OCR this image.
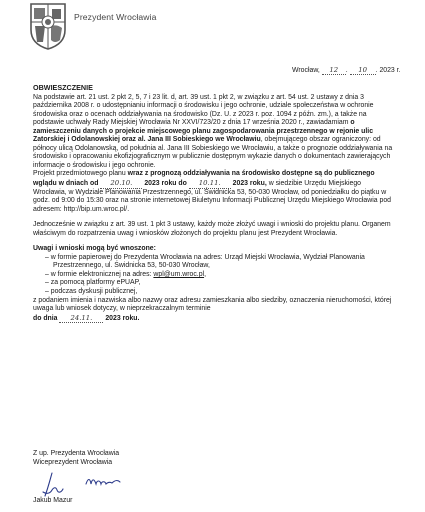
Prezydent Wrocławia
Wrocław, 12 . 10 . 2023 r.

OBWIESZCZENIE

Na podstawie art. 21 ust. 2 pkt 2, 5, 7 i 23 lit. d, art. 39 ust. 1 pkt 2, w związku z art. 54 ust. 2 ustawy z dnia 3 października 2008 r. o udostępnianiu informacji o środowisku i jego ochronie, udziale społeczeństwa w ochronie środowiska oraz o ocenach oddziaływania na środowisko (Dz. U. z 2023 r. poz. 1094 z późn. zm.), a także na podstawie uchwały Rady Miejskiej Wrocławia Nr XXVI/723/20 z dnia 17 września 2020 r., zawiadamiam o zamieszczeniu danych o projekcie miejscowego planu zagospodarowania przestrzennego w rejonie ulic Zatorskiej i Odolanowskiej oraz al. Jana III Sobieskiego we Wrocławiu, obejmującego obszar ograniczony: od północy ulicą Odolanowską, od południa al. Jana III Sobieskiego we Wrocławiu, a także o prognozie oddziaływania na środowisko i opracowaniu ekofizjograficznym w publicznie dostępnym wykazie danych o dokumentach zawierających informacje o środowisku i jego ochronie.

Projekt przedmiotowego planu wraz z prognozą oddziaływania na środowisko dostępne są do publicznego wglądu w dniach od 20.10. 2023 roku do 10.11. 2023 roku, w siedzibie Urzędu Miejskiego Wrocławia, w Wydziale Planowania Przestrzennego, ul. Świdnicka 53, 50-030 Wrocław, od poniedziałku do piątku w godz. od 9:00 do 15:30 oraz na stronie internetowej Biuletynu Informacji Publicznej Urzędu Miejskiego Wrocławia pod adresem: http://bip.um.wroc.pl/.

Jednocześnie w związku z art. 39 ust. 1 pkt 3 ustawy, każdy może złożyć uwagi i wnioski do projektu planu. Organem właściwym do rozpatrzenia uwag i wniosków złożonych do projektu planu jest Prezydent Wrocławia.

Uwagi i wnioski mogą być wnoszone:

– w formie papierowej do Prezydenta Wrocławia na adres: Urząd Miejski Wrocławia, Wydział Planowania Przestrzennego, ul. Świdnicka 53, 50-030 Wrocław,

– w formie elektronicznej na adres: wpl@um.wroc.pl,

– za pomocą platformy ePUAP,

– podczas dyskusji publicznej,

z podaniem imienia i nazwiska albo nazwy oraz adresu zamieszkania albo siedziby, oznaczenia nieruchomości, której uwaga lub wniosek dotyczy, w nieprzekraczalnym terminie

do dnia 24.11. 2023 roku.

Z up. Prezydenta Wrocławia
Wiceprezydent Wrocławia
Jakub Mazur
